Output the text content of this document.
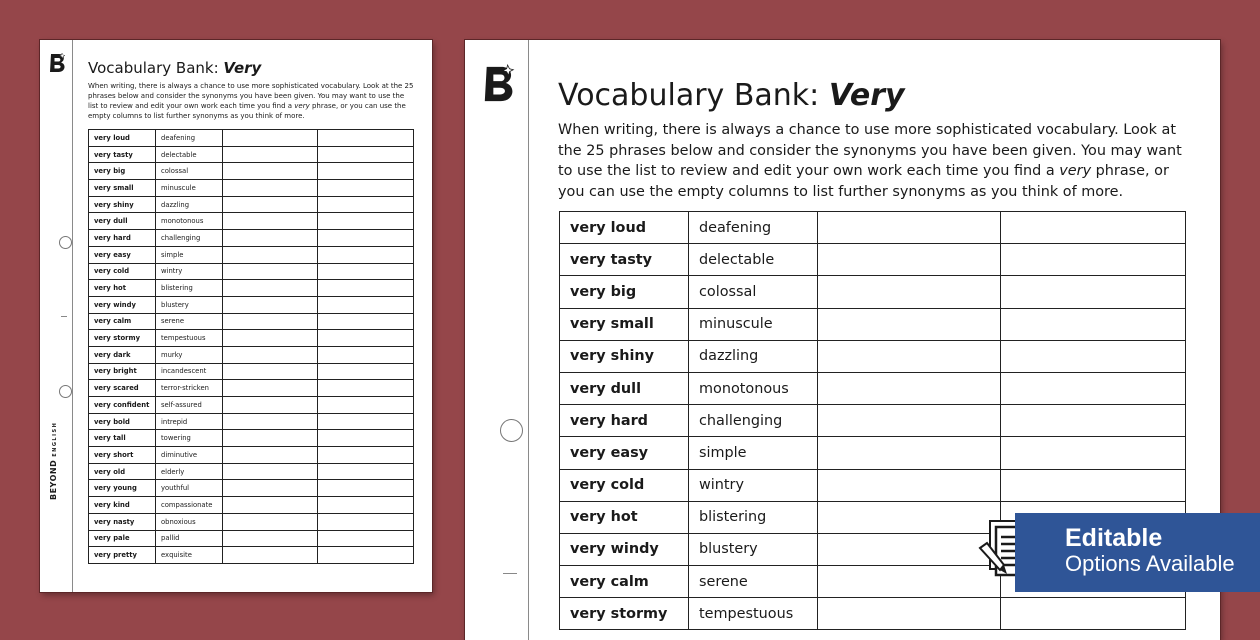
BEYONDENGLISH
Vocabulary Bank: Very

When writing, there is always a chance to use more sophisticated vocabulary. Look at the 25 phrases below and consider the synonyms you have been given. You may want to use the list to review and edit your own work each time you find a very phrase, or you can use the empty columns to list further synonyms as you think of more.

very loud	deafening		
very tasty	delectable		
very big	colossal		
very small	minuscule		
very shiny	dazzling		
very dull	monotonous		
very hard	challenging		
very easy	simple		
very cold	wintry		
very hot	blistering		
very windy	blustery		
very calm	serene		
very stormy	tempestuous		
very dark	murky		
very bright	incandescent		
very scared	terror-stricken		
very confident	self-assured		
very bold	intrepid		
very tall	towering		
very short	diminutive		
very old	elderly		
very young	youthful		
very kind	compassionate		
very nasty	obnoxious		
very pale	pallid		
very pretty	exquisite		
Vocabulary Bank: Very

When writing, there is always a chance to use more sophisticated vocabulary. Look at the 25 phrases below and consider the synonyms you have been given. You may want to use the list to review and edit your own work each time you find a very phrase, or you can use the empty columns to list further synonyms as you think of more.

very loud	deafening		
very tasty	delectable		
very big	colossal		
very small	minuscule		
very shiny	dazzling		
very dull	monotonous		
very hard	challenging		
very easy	simple		
very cold	wintry		
very hot	blistering		
very windy	blustery		
very calm	serene		
very stormy	tempestuous		
Editable
Options Available
